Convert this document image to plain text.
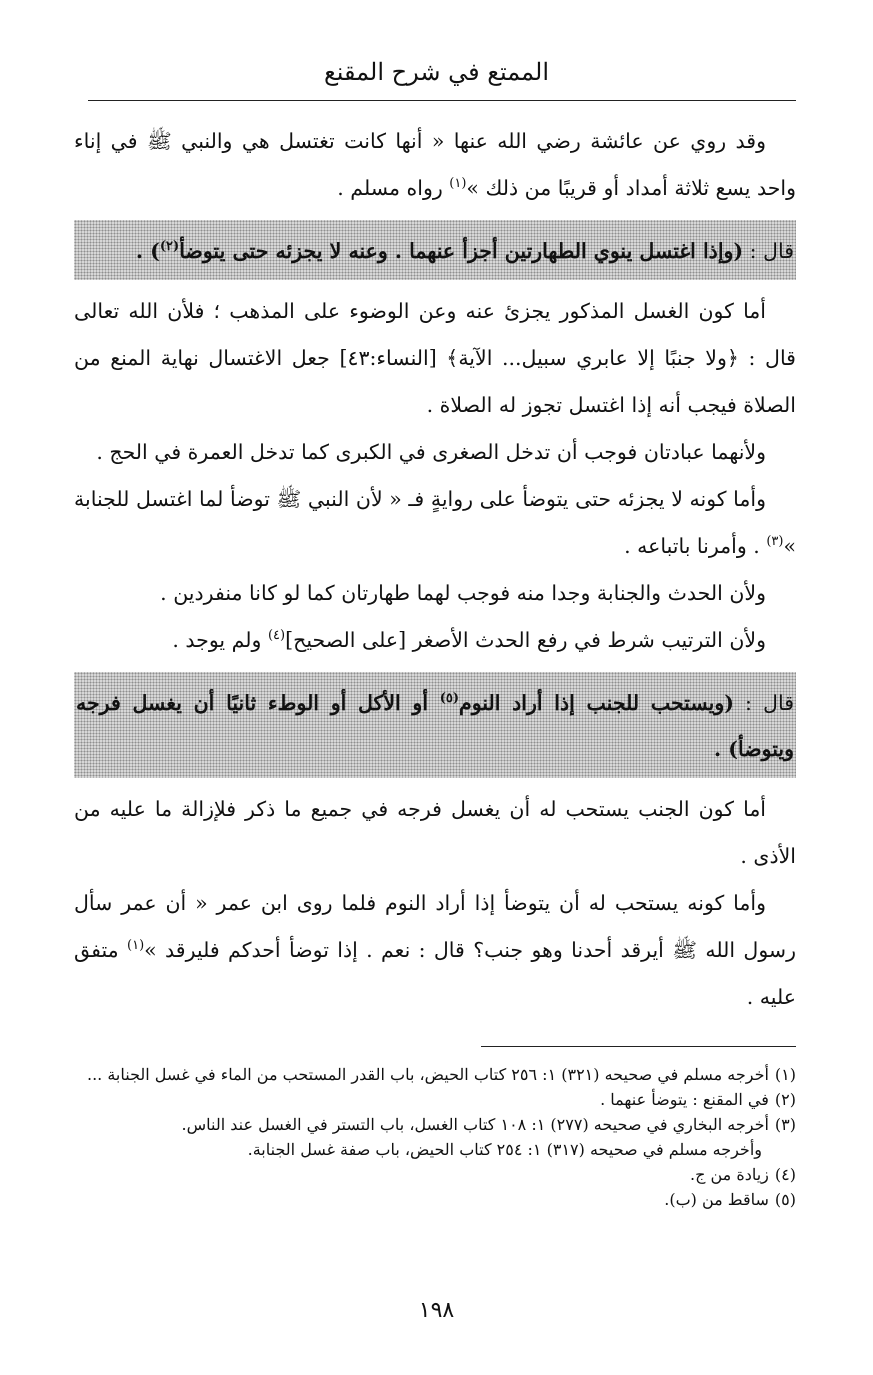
الممتع في شرح المقنع

وقد روي عن عائشة رضي الله عنها « أنها كانت تغتسل هي والنبي ﷺ في إناء واحد يسع ثلاثة أمداد أو قريبًا من ذلك »$^{(١)}$ رواه مسلم .

قال : (وإذا اغتسل ينوي الطهارتين أجزأ عنهما . وعنه لا يجزئه حتى يتوضأ$^{(٢)}$) .

أما كون الغسل المذكور يجزئ عنه وعن الوضوء على المذهب ؛ فلأن الله تعالى قال : ﴿ولا جنبًا إلا عابري سبيل... الآية﴾ [النساء:٤٣] جعل الاغتسال نهاية المنع من الصلاة فيجب أنه إذا اغتسل تجوز له الصلاة .

ولأنهما عبادتان فوجب أن تدخل الصغرى في الكبرى كما تدخل العمرة في الحج .

وأما كونه لا يجزئه حتى يتوضأ على روايةٍ فـ « لأن النبي ﷺ توضأ لما اغتسل للجنابة »$^{(٣)}$ . وأمرنا باتباعه .

ولأن الحدث والجنابة وجدا منه فوجب لهما طهارتان كما لو كانا منفردين .

ولأن الترتيب شرط في رفع الحدث الأصغر [على الصحيح]$^{(٤)}$ ولم يوجد .

قال : (ويستحب للجنب إذا أراد النوم$^{(٥)}$ أو الأكل أو الوطء ثانيًا أن يغسل فرجه ويتوضأ) .

أما كون الجنب يستحب له أن يغسل فرجه في جميع ما ذكر فلإزالة ما عليه من الأذى .

وأما كونه يستحب له أن يتوضأ إذا أراد النوم فلما روى ابن عمر « أن عمر سأل رسول الله ﷺ أيرقد أحدنا وهو جنب؟ قال : نعم . إذا توضأ أحدكم فليرقد »$^{(١)}$ متفق عليه .

(١)أخرجه مسلم في صحيحه (٣٢١) ١: ٢٥٦ كتاب الحيض، باب القدر المستحب من الماء في غسل الجنابة ...

(٢)في المقنع : يتوضأ عنهما .

(٣)أخرجه البخاري في صحيحه (٢٧٧) ١: ١٠٨ كتاب الغسل، باب التستر في الغسل عند الناس.

وأخرجه مسلم في صحيحه (٣١٧) ١: ٢٥٤ كتاب الحيض، باب صفة غسل الجنابة.

(٤)زيادة من ج.

(٥)ساقط من (ب).

١٩٨
